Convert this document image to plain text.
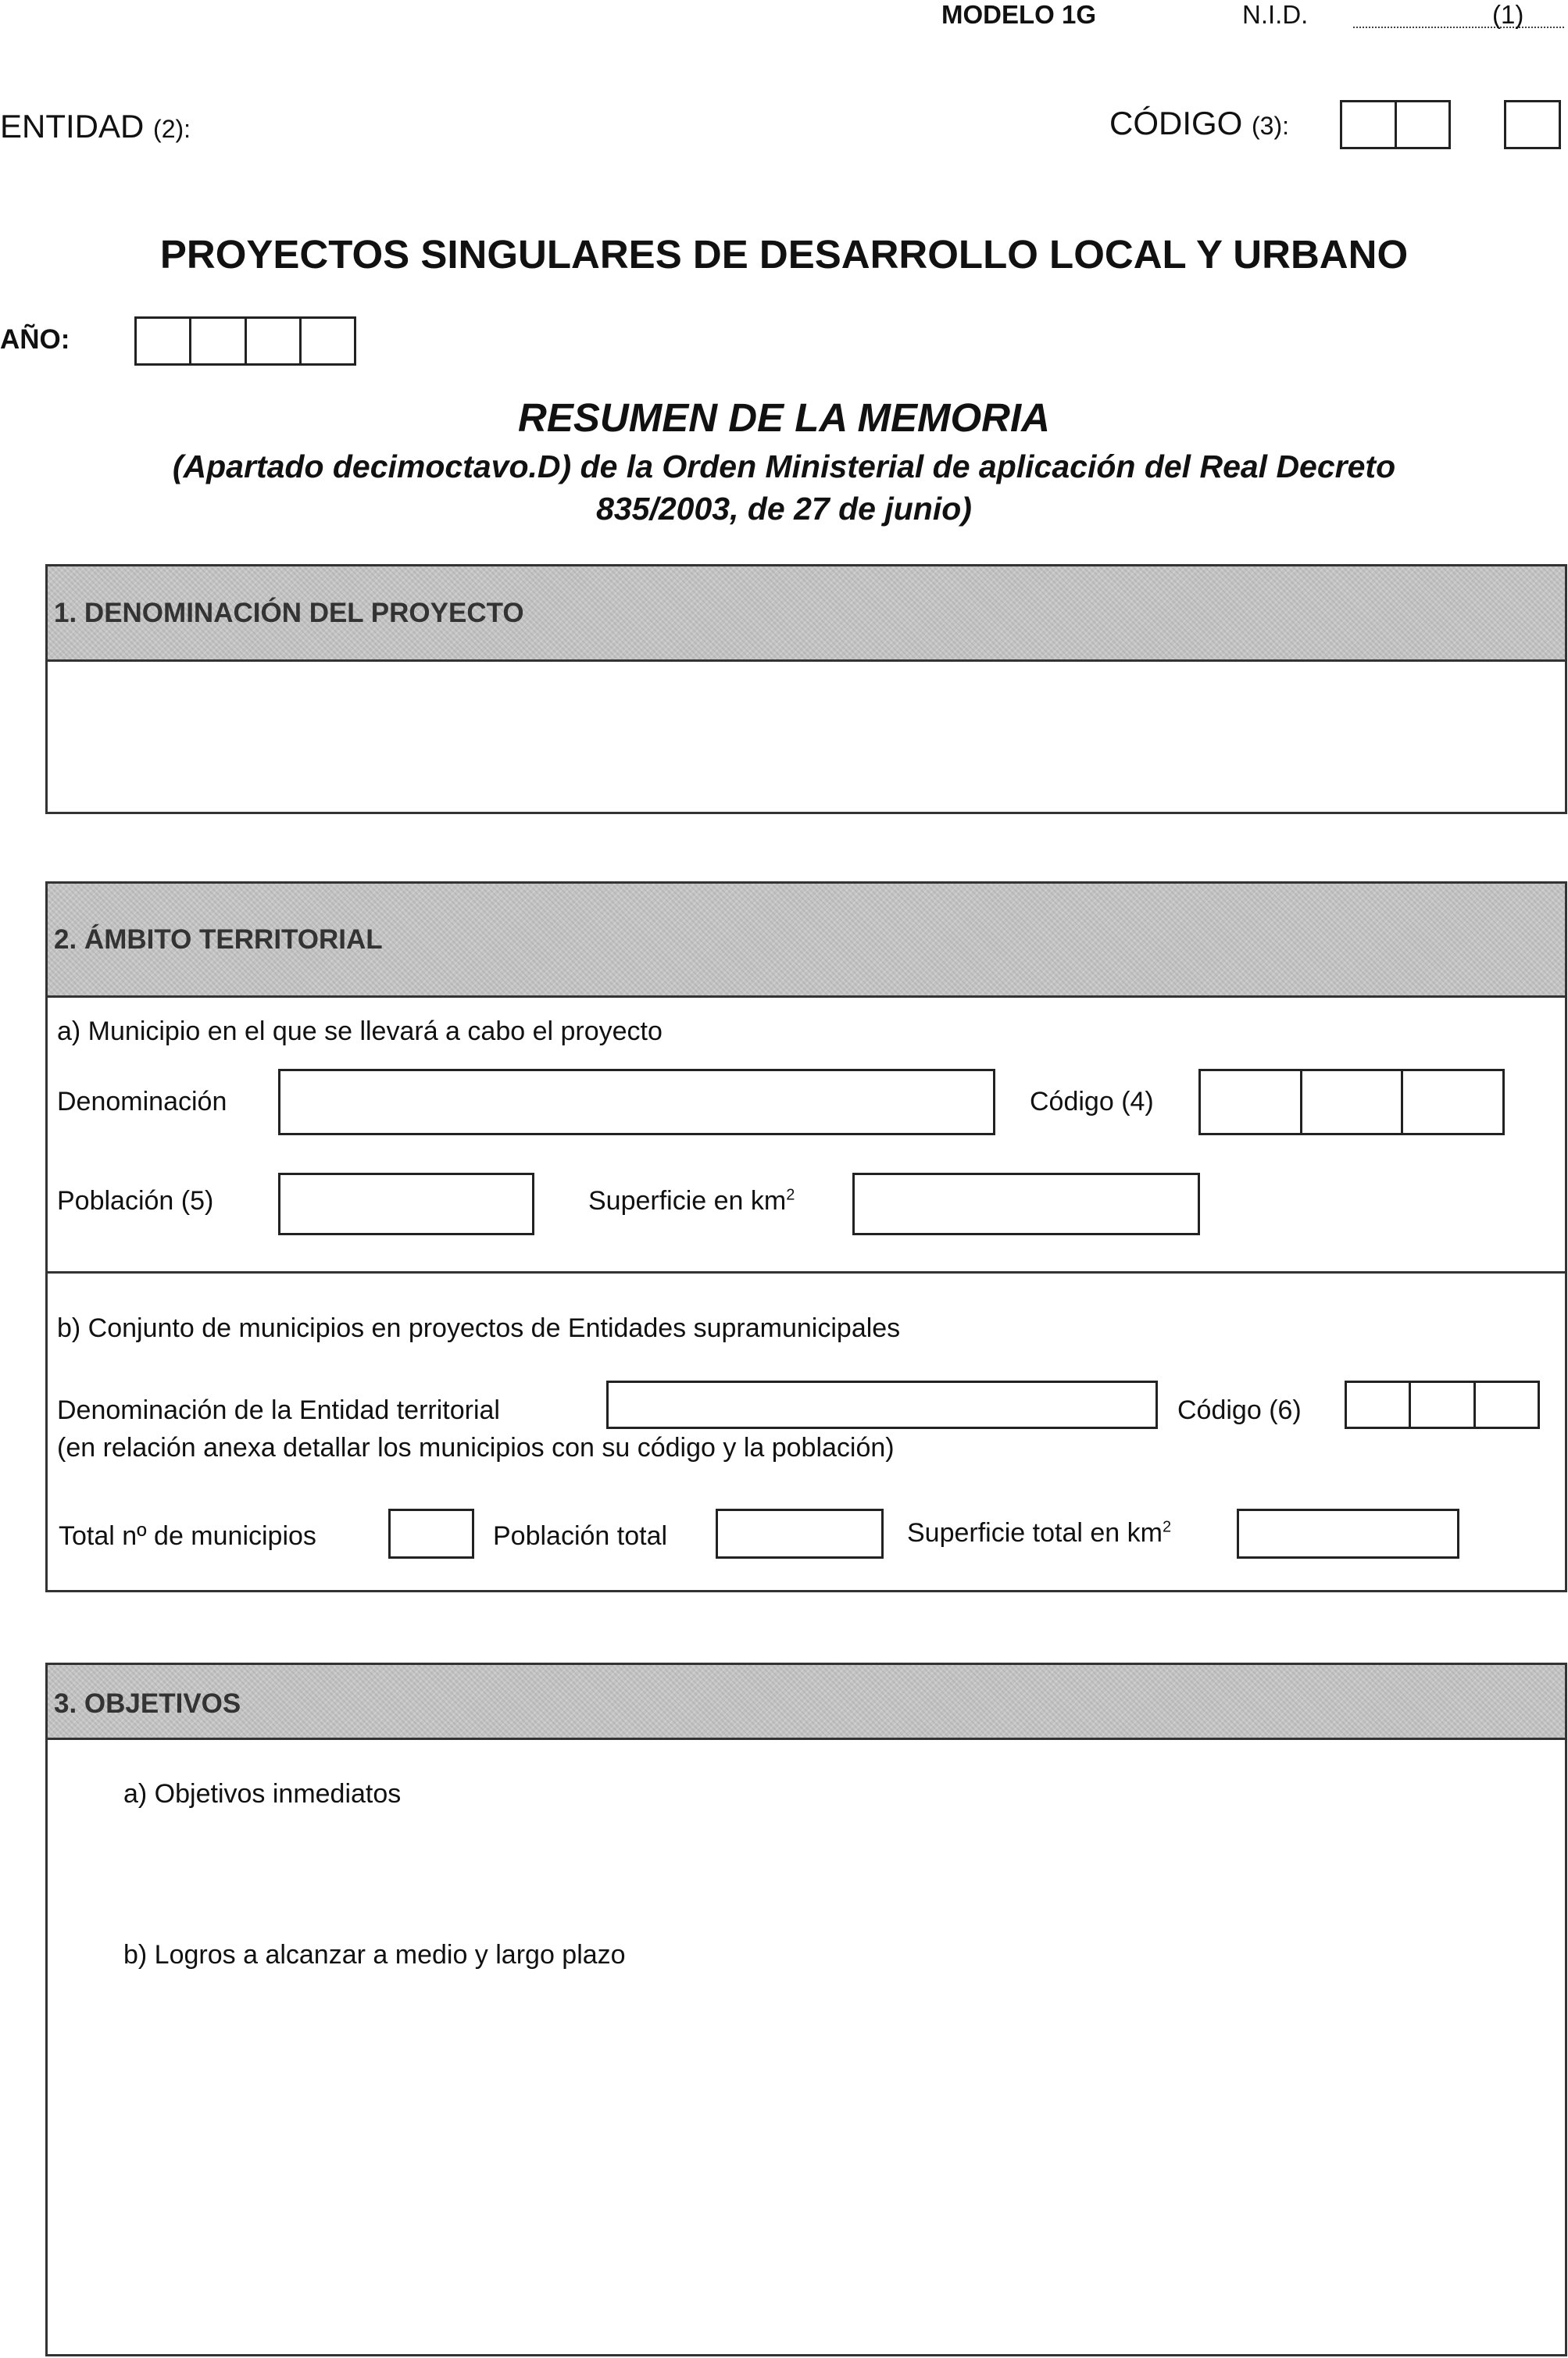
MODELO 1G	N.I.D.	(1)
ENTIDAD (2):	CÓDIGO (3):
PROYECTOS SINGULARES DE DESARROLLO LOCAL Y URBANO
AÑO:
RESUMEN DE LA MEMORIA
(Apartado decimoctavo.D) de la Orden Ministerial de aplicación del Real Decreto
835/2003, de 27 de junio)
1. DENOMINACIÓN DEL PROYECTO
2. ÁMBITO TERRITORIAL
a) Municipio en el que se llevará a cabo el proyecto
Denominación	Código (4)
Población (5)	Superficie en $km^2$
b) Conjunto de municipios en proyectos de Entidades supramunicipales
Denominación de la Entidad territorial	Código (6)
(en relación anexa detallar los municipios con su código y la población)
Total nº de municipios	Población total	Superficie total en $km^2$
3. OBJETIVOS
a) Objetivos inmediatos
b) Logros a alcanzar a medio y largo plazo
